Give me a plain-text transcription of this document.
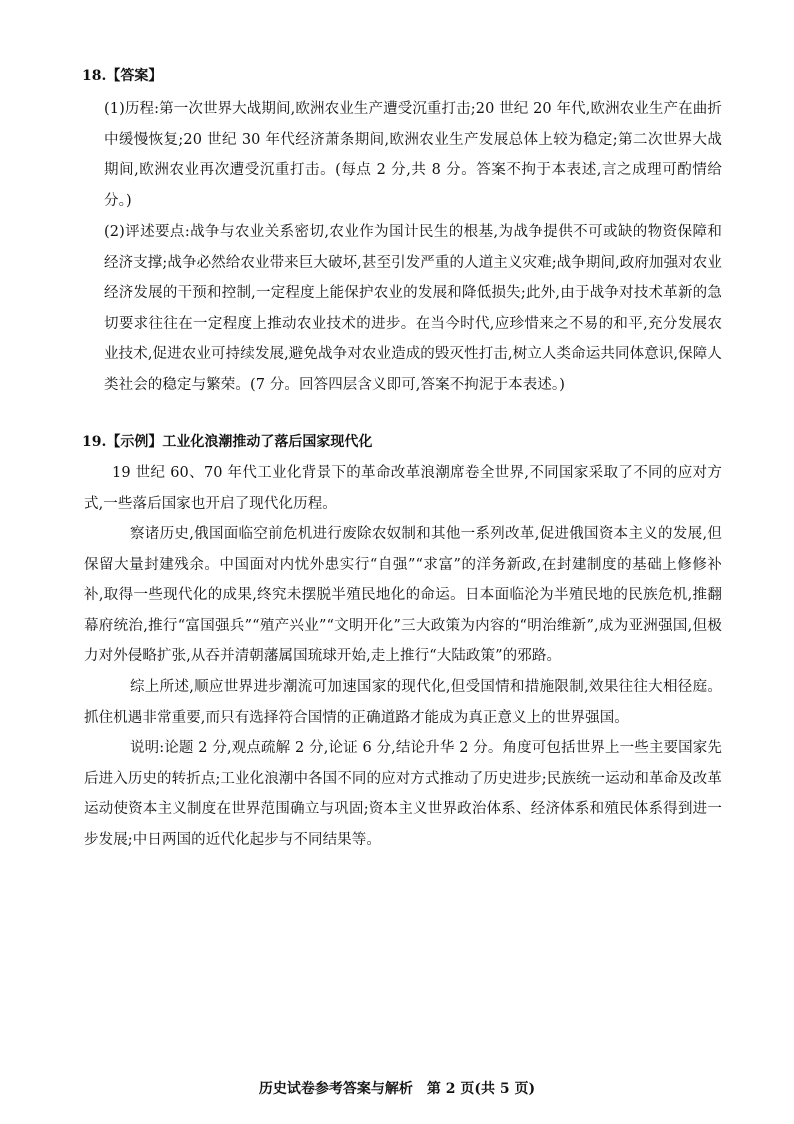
18.【答案】

(1)历程:第一次世界大战期间,欧洲农业生产遭受沉重打击;20 世纪 20 年代,欧洲农业生产在曲折中缓慢恢复;20 世纪 30 年代经济萧条期间,欧洲农业生产发展总体上较为稳定;第二次世界大战期间,欧洲农业再次遭受沉重打击。(每点 2 分,共 8 分。答案不拘于本表述,言之成理可酌情给分。)

(2)评述要点:战争与农业关系密切,农业作为国计民生的根基,为战争提供不可或缺的物资保障和经济支撑;战争必然给农业带来巨大破坏,甚至引发严重的人道主义灾难;战争期间,政府加强对农业经济发展的干预和控制,一定程度上能保护农业的发展和降低损失;此外,由于战争对技术革新的急切要求往往在一定程度上推动农业技术的进步。在当今时代,应珍惜来之不易的和平,充分发展农业技术,促进农业可持续发展,避免战争对农业造成的毁灭性打击,树立人类命运共同体意识,保障人类社会的稳定与繁荣。(7 分。回答四层含义即可,答案不拘泥于本表述。)

19.【示例】工业化浪潮推动了落后国家现代化

19 世纪 60、70 年代工业化背景下的革命改革浪潮席卷全世界,不同国家采取了不同的应对方式,一些落后国家也开启了现代化历程。

察诸历史,俄国面临空前危机进行废除农奴制和其他一系列改革,促进俄国资本主义的发展,但保留大量封建残余。中国面对内忧外患实行“自强”“求富”的洋务新政,在封建制度的基础上修修补补,取得一些现代化的成果,终究未摆脱半殖民地化的命运。日本面临沦为半殖民地的民族危机,推翻幕府统治,推行“富国强兵”“殖产兴业”“文明开化”三大政策为内容的“明治维新”,成为亚洲强国,但极力对外侵略扩张,从吞并清朝藩属国琉球开始,走上推行“大陆政策”的邪路。

综上所述,顺应世界进步潮流可加速国家的现代化,但受国情和措施限制,效果往往大相径庭。抓住机遇非常重要,而只有选择符合国情的正确道路才能成为真正意义上的世界强国。

说明:论题 2 分,观点疏解 2 分,论证 6 分,结论升华 2 分。角度可包括世界上一些主要国家先后进入历史的转折点;工业化浪潮中各国不同的应对方式推动了历史进步;民族统一运动和革命及改革运动使资本主义制度在世界范围确立与巩固;资本主义世界政治体系、经济体系和殖民体系得到进一步发展;中日两国的近代化起步与不同结果等。

历史试卷参考答案与解析　第 2 页(共 5 页)
